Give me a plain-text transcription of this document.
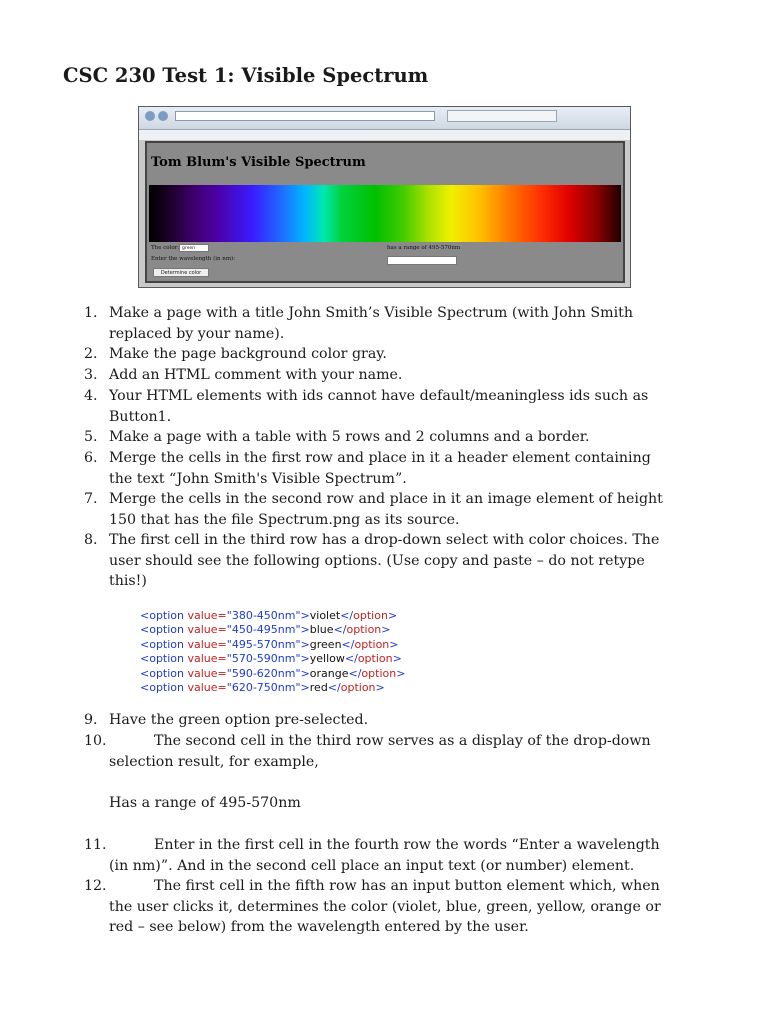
CSC 230 Test 1: Visible Spectrum
Tom Blum's Visible Spectrum
The color: green	has a range of 495-570nm
Enter the wavelength (in nm):
Determine color
1. Make a page with a title John Smith’s Visible Spectrum (with John Smith
replaced by your name).
2. Make the page background color gray.
3. Add an HTML comment with your name.
4. Your HTML elements with ids cannot have default/meaningless ids such as
Button1.
5. Make a page with a table with 5 rows and 2 columns and a border.
6. Merge the cells in the first row and place in it a header element containing
the text “John Smith's Visible Spectrum”.
7. Merge the cells in the second row and place in it an image element of height
150 that has the file Spectrum.png as its source.
8. The first cell in the third row has a drop-down select with color choices. The
user should see the following options. (Use copy and paste – do not retype
this!)
<option value="380-450nm">violet</option>
<option value="450-495nm">blue</option>
<option value="495-570nm">green</option>
<option value="570-590nm">yellow</option>
<option value="590-620nm">orange</option>
<option value="620-750nm">red</option>
9. Have the green option pre-selected.
10.	The second cell in the third row serves as a display of the drop-down
selection result, for example,
Has a range of 495-570nm
11.	Enter in the first cell in the fourth row the words “Enter a wavelength
(in nm)”. And in the second cell place an input text (or number) element.
12.	The first cell in the fifth row has an input button element which, when
the user clicks it, determines the color (violet, blue, green, yellow, orange or
red – see below) from the wavelength entered by the user.
